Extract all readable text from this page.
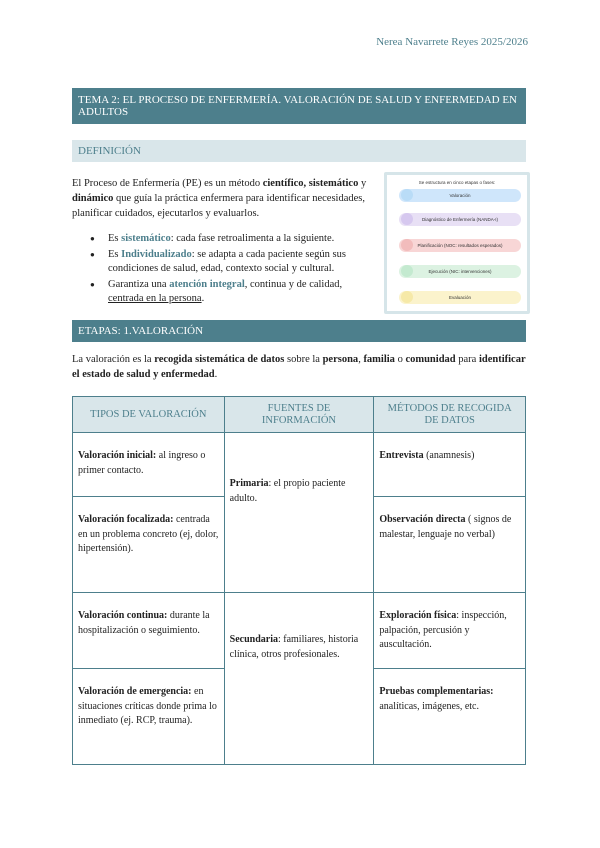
Nerea Navarrete Reyes 2025/2026
TEMA 2: EL PROCESO DE ENFERMERÍA. VALORACIÓN DE SALUD Y ENFERMEDAD EN ADULTOS
DEFINICIÓN

El Proceso de Enfermería (PE) es un método científico, sistemático y dinámico que guía la práctica enfermera para identificar necesidades, planificar cuidados, ejecutarlos y evaluarlos.

● Es sistemático: cada fase retroalimenta a la siguiente.
● Es Individualizado: se adapta a cada paciente según sus condiciones de salud, edad, contexto social y cultural.
● Garantiza una atención integral, continua y de calidad, centrada en la persona.
Se estructura en cinco etapas o fases:
Valoración
Diagnóstico de Enfermería (NANDA-I)
Planificación (NOC: resultados esperados)
Ejecución (NIC: intervenciones)
Evaluación
ETAPAS: 1.VALORACIÓN

La valoración es la recogida sistemática de datos sobre la persona, familia o comunidad para identificar el estado de salud y enfermedad.

TIPOS DE VALORACIÓN	FUENTES DE INFORMACIÓN	MÉTODOS DE RECOGIDA DE DATOS
Valoración inicial: al ingreso o primer contacto.	Primaria: el propio paciente adulto.	Entrevista (anamnesis)
Valoración focalizada: centrada en un problema concreto (ej, dolor, hipertensión).		Observación directa ( signos de malestar, lenguaje no verbal)
Valoración continua: durante la hospitalización o seguimiento.	Secundaria: familiares, historia clínica, otros profesionales.	Exploración física: inspección, palpación, percusión y auscultación.
Valoración de emergencia: en situaciones críticas donde prima lo inmediato (ej. RCP, trauma).		Pruebas complementarias: analíticas, imágenes, etc.
